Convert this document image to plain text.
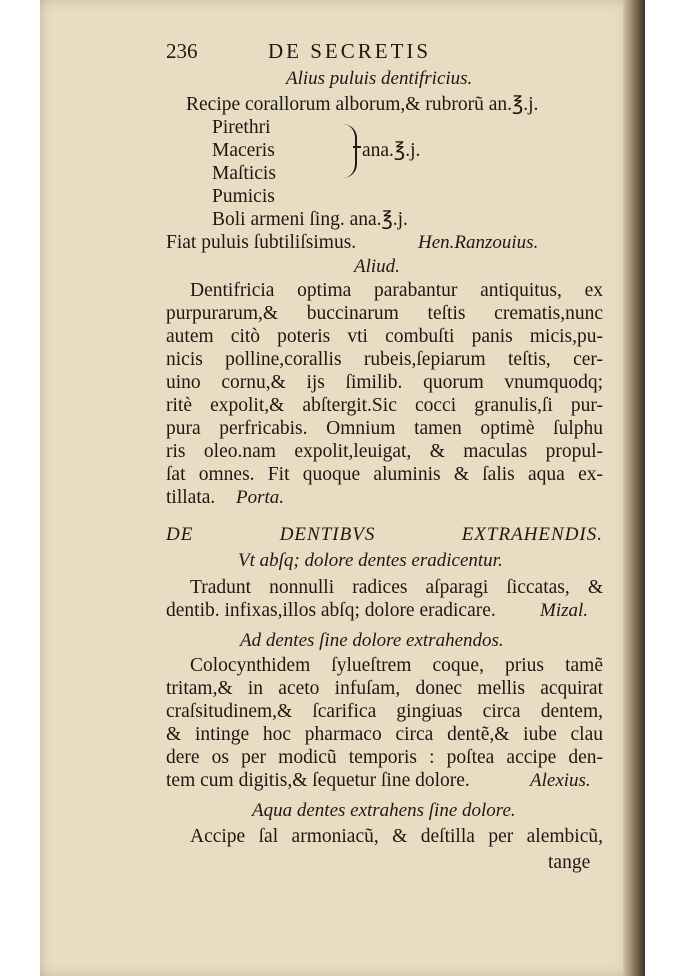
236	DE SECRETIS
Alius puluis dentifricius.
Recipe corallorum alborum,& rubrorũ an.℥.j.
Pirethri
Maceris
Maſticis
Pumicis
ana.℥.j.
Boli armeni ſing. ana.℥.j.
Fiat puluis ſubtiliſsimus.	Hen.Ranzouius.
Aliud.
Dentifricia optima parabantur antiquitus, ex
purpurarum,& buccinarum teſtis crematis,nunc
autem citò poteris vti combuſti panis micis,pu-
nicis polline,corallis rubeis,ſepiarum teſtis, cer-
uino cornu,& ijs ſimilib. quorum vnumquodq;
ritè expolit,& abſtergit.Sic cocci granulis,ſi pur-
pura perfricabis. Omnium tamen optimè ſulphu
ris oleo.nam expolit,leuigat, & maculas propul-
ſat omnes. Fit quoque aluminis & ſalis aqua ex-
tillata. Porta.
DE DENTIBVS EXTRAHENDIS.
Vt abſq; dolore dentes eradicentur.
Tradunt nonnulli radices aſparagi ſiccatas, &
dentib. infixas,illos abſq; dolore eradicare. Mizal.
Ad dentes ſine dolore extrahendos.
Colocynthidem ſylueſtrem coque, prius tamẽ
tritam,& in aceto infuſam, donec mellis acquirat
craſsitudinem,& ſcarifica gingiuas circa dentem,
& intinge hoc pharmaco circa dentẽ,& iube clau
dere os per modicũ temporis : poſtea accipe den-
tem cum digitis,& ſequetur ſine dolore.	Alexius.
Aqua dentes extrahens ſine dolore.
Accipe ſal armoniacũ, & deſtilla per alembicũ,
tange
